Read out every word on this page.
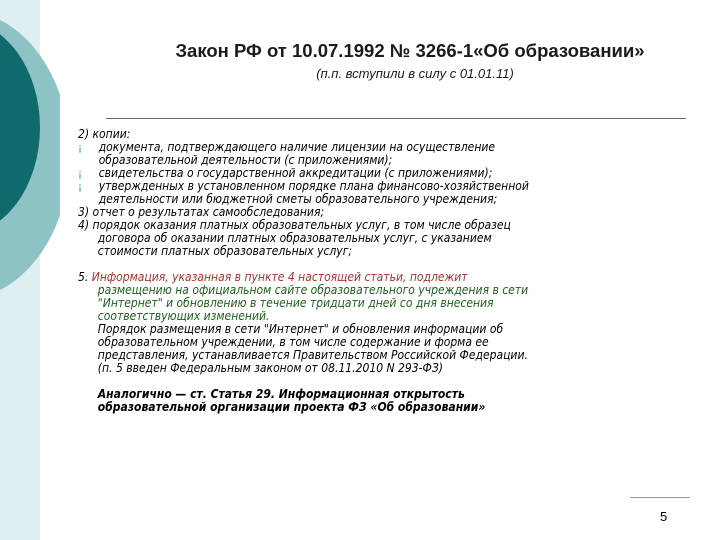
Закон РФ от 10.07.1992 № 3266-1«Об образовании»
(п.п. вступили в силу с 01.01.11)

2) копии:

¡ документа, подтверждающего наличие лицензии на осуществление

образовательной деятельности (с приложениями);

¡ свидетельства о государственной аккредитации (с приложениями);

¡ утвержденных в установленном порядке плана финансово-хозяйственной

деятельности или бюджетной сметы образовательного учреждения;

3) отчет о результатах самообследования;

4) порядок оказания платных образовательных услуг, в том числе образец

договора об оказании платных образовательных услуг, с указанием

стоимости платных образовательных услуг;

5. Информация, указанная в пункте 4 настоящей статьи, подлежит

размещению на официальном сайте образовательного учреждения в сети

"Интернет" и обновлению в течение тридцати дней со дня внесения

соответствующих изменений.

Порядок размещения в сети "Интернет" и обновления информации об

образовательном учреждении, в том числе содержание и форма ее

представления, устанавливается Правительством Российской Федерации.

(п. 5 введен Федеральным законом от 08.11.2010 N 293-ФЗ)

Аналогично — ст. Статья 29. Информационная открытость

образовательной организации проекта ФЗ «Об образовании»

5
